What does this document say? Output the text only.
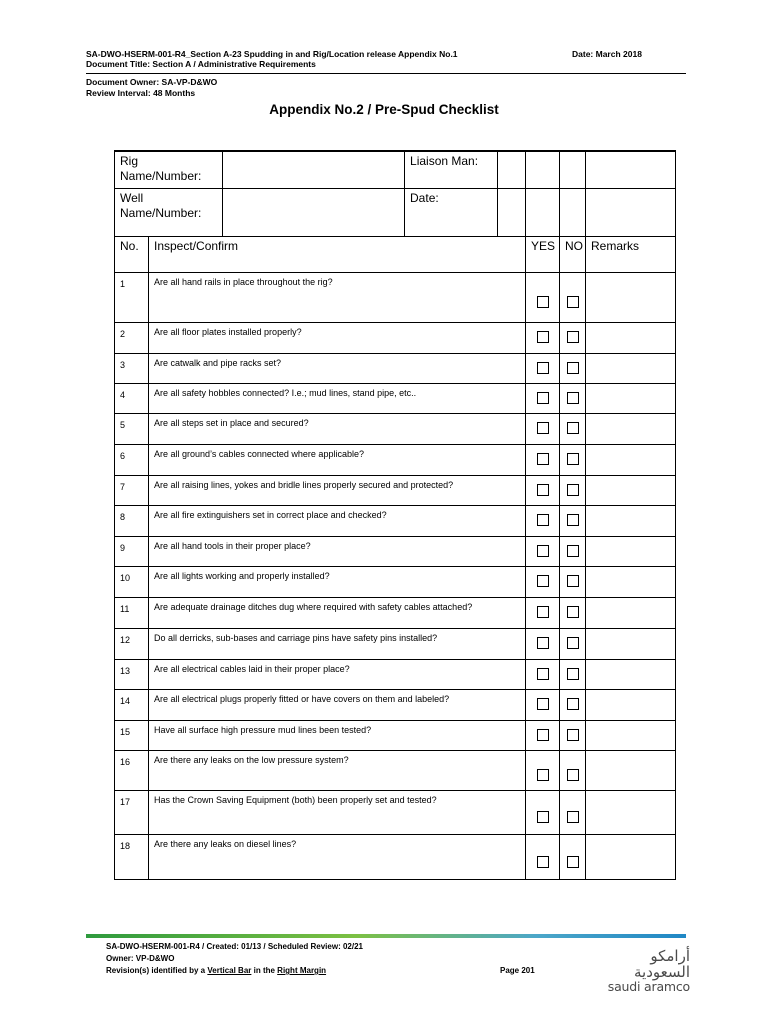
SA-DWO-HSERM-001-R4_Section A-23 Spudding in and Rig/Location release Appendix No.1	Date: March 2018
Document Title: Section A / Administrative Requirements
Document Owner: SA-VP-D&WO
Review Interval: 48 Months
Appendix No.2 / Pre-Spud Checklist
Rig Name/Number:			Liaison Man:				
Well Name/Number:			Date:				
No.	Inspect/Confirm				YES	NO	Remarks
1	Are all hand rails in place throughout the rig?						
2	Are all floor plates installed properly?						
3	Are catwalk and pipe racks set?						
4	Are all safety hobbles connected? I.e.; mud lines, stand pipe, etc..						
5	Are all steps set in place and secured?						
6	Are all ground’s cables connected where applicable?						
7	Are all raising lines, yokes and bridle lines properly secured and protected?						
8	Are all fire extinguishers set in correct place and checked?						
9	Are all hand tools in their proper place?						
10	Are all lights working and properly installed?						
11	Are adequate drainage ditches dug where required with safety cables attached?						
12	Do all derricks, sub-bases and carriage pins have safety pins installed?						
13	Are all electrical cables laid in their proper place?						
14	Are all electrical plugs properly fitted or have covers on them and labeled?						
15	Have all surface high pressure mud lines been tested?						
16	Are there any leaks on the low pressure system?						
17	Has the Crown Saving Equipment (both) been properly set and tested?						
18	Are there any leaks on diesel lines?						
SA-DWO-HSERM-001-R4 / Created: 01/13 / Scheduled Review: 02/21
Owner: VP-D&WO
Revision(s) identified by a Vertical Bar in the Right Margin	Page 201
أرامكو السعودية
saudi aramco
